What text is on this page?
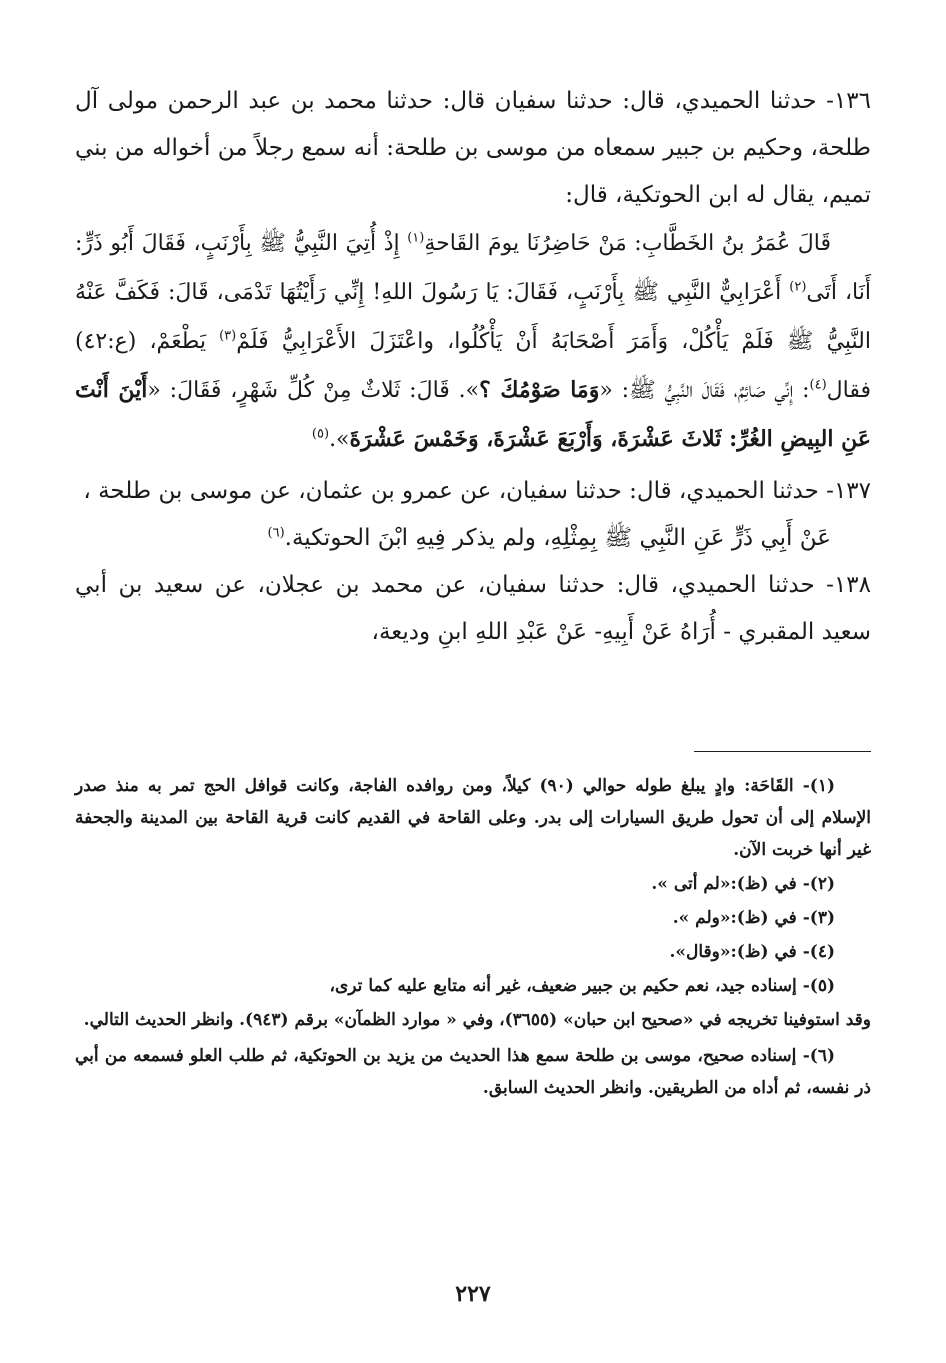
١٣٦- حدثنا الحميدي، قال: حدثنا سفيان قال: حدثنا محمد بن عبد الرحمن مولى آل طلحة، وحكيم بن جبير سمعاه من موسى بن طلحة: أنه سمع رجلاً من أخواله من بني تميم، يقال له ابن الحوتكية، قال:

قَالَ عُمَرُ بنُ الخَطَّابِ: مَنْ حَاضِرُنَا يومَ القَاحةِ$^{(١)}$ إِذْ أُتِيَ النَّبِيُّ ﷺ بِأَرْنَبٍ، فَقَالَ أَبُو ذَرٍّ: أَنَا، أَتَى$^{(٢)}$ أَعْرَابِيٌّ النَّبِي ﷺ بِأَرْنَبٍ، فَقَالَ: يَا رَسُولَ اللهِ! إِنِّي رَأَيْتُهَا تَدْمَى، قَالَ: فَكَفَّ عَنْهُ النَّبِيُّ ﷺ فَلَمْ يَأْكُلْ، وَأَمَرَ أَصْحَابَهُ أَنْ يَأْكُلُوا، واعْتَزَلَ الأَعْرَابِيُّ فَلَمْ$^{(٣)}$ يَطْعَمْ، (ع:٤٢) فقال$^{(٤)}$: إِنِّي صَائِمٌ، فَقَالَ النَّبِيُّ ﷺ: «وَمَا صَوْمُكَ ؟». قَالَ: ثَلاثٌ مِنْ كُلِّ شَهْرٍ، فَقَالَ: «أَيْنَ أَنْتَ عَنِ البِيضِ الغُرِّ: ثَلاثَ عَشْرَةَ، وَأَرْبَعَ عَشْرَةَ، وَخَمْسَ عَشْرَةَ».$^{(٥)}$

١٣٧- حدثنا الحميدي، قال: حدثنا سفيان، عن عمرو بن عثمان، عن موسى بن طلحة ،

عَنْ أَبِي ذَرٍّ عَنِ النَّبِي ﷺ بِمِثْلِهِ، ولم يذكر فِيهِ ابْنَ الحوتكية.$^{(٦)}$

١٣٨- حدثنا الحميدي، قال: حدثنا سفيان، عن محمد بن عجلان، عن سعيد بن أبي سعيد المقبري - أُرَاهُ عَنْ أَبِيهِ- عَنْ عَبْدِ اللهِ ابنِ وديعة،

(١)- القَاحَة: وادٍ يبلغ طوله حوالي (٩٠) كيلاً، ومن روافده الفاجة، وكانت قوافل الحج تمر به منذ صدر الإسلام إلى أن تحول طريق السيارات إلى بدر. وعلى القاحة في القديم كانت قرية القاحة بين المدينة والجحفة غير أنها خربت الآن.

(٢)- في (ظ):«لم أتى ».

(٣)- في (ظ):«ولم ».

(٤)- في (ظ):«وقال».

(٥)- إسناده جيد، نعم حكيم بن جبير ضعيف، غير أنه متابع عليه كما ترى،

وقد استوفينا تخريجه في «صحيح ابن حبان» (٣٦٥٥)، وفي « موارد الظمآن» برقم (٩٤٣). وانظر الحديث التالي.

(٦)- إسناده صحيح، موسى بن طلحة سمع هذا الحديث من يزيد بن الحوتكية، ثم طلب العلو فسمعه من أبي ذر نفسه، ثم أداه من الطريقين. وانظر الحديث السابق.

٢٢٧
